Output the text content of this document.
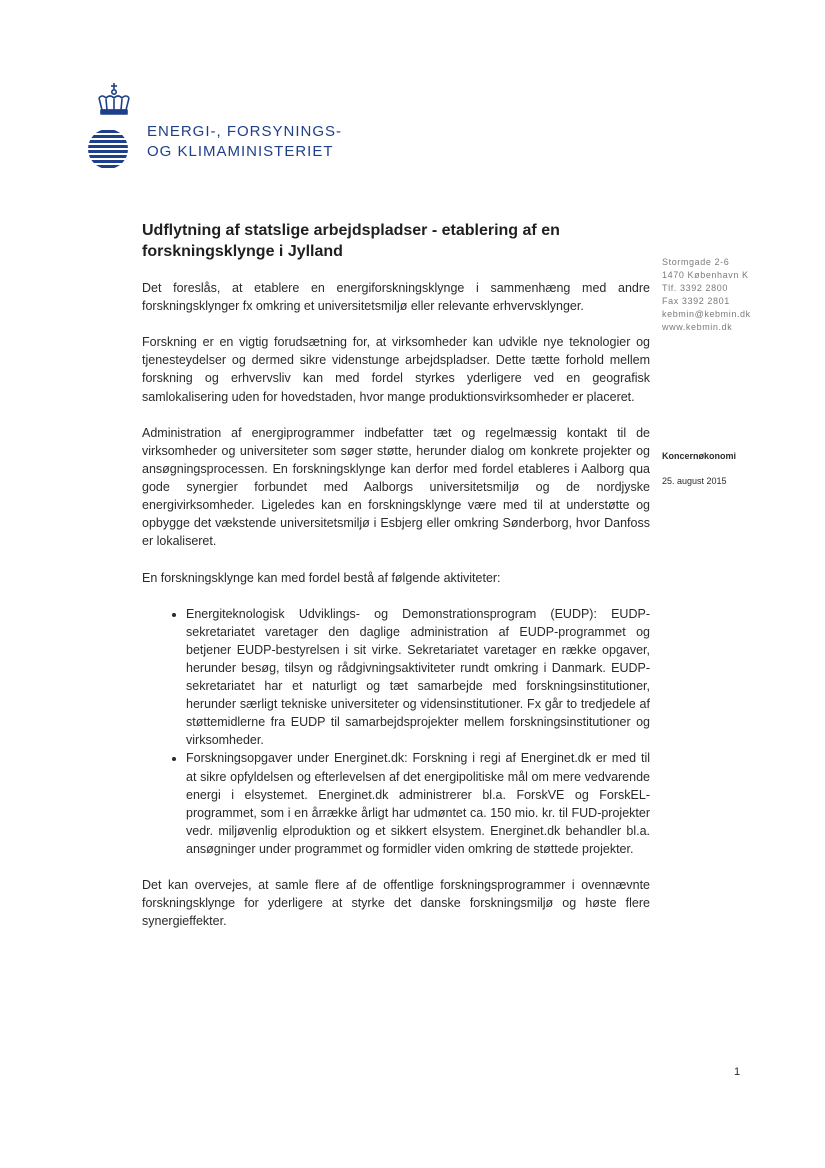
ENERGI-, FORSYNINGS-
OG KLIMAMINISTERIET
Udflytning af statslige arbejdspladser - etablering af en
forskningsklynge i Jylland
Stormgade 2-6
1470 København K
Tlf. 3392 2800
Fax 3392 2801
kebmin@kebmin.dk
www.kebmin.dk
Koncernøkonomi
25. august 2015

Det foreslås, at etablere en energiforskningsklynge i sammenhæng med andre forskningsklynger fx omkring et universitetsmiljø eller relevante erhvervsklynger.

Forskning er en vigtig forudsætning for, at virksomheder kan udvikle nye teknologier og tjenesteydelser og dermed sikre videnstunge arbejdspladser. Dette tætte forhold mellem forskning og erhvervsliv kan med fordel styrkes yderligere ved en geografisk samlokalisering uden for hovedstaden, hvor mange produktionsvirksomheder er placeret.

Administration af energiprogrammer indbefatter tæt og regelmæssig kontakt til de virksomheder og universiteter som søger støtte, herunder dialog om konkrete projekter og ansøgningsprocessen. En forskningsklynge kan derfor med fordel etableres i Aalborg qua gode synergier forbundet med Aalborgs universitetsmiljø og de nordjyske energivirksomheder. Ligeledes kan en forskningsklynge være med til at understøtte og opbygge det vækstende universitetsmiljø i Esbjerg eller omkring Sønderborg, hvor Danfoss er lokaliseret.

En forskningsklynge kan med fordel bestå af følgende aktiviteter:

• Energiteknologisk Udviklings- og Demonstrationsprogram (EUDP): EUDP-sekretariatet varetager den daglige administration af EUDP-programmet og betjener EUDP-bestyrelsen i sit virke. Sekretariatet varetager en række opgaver, herunder besøg, tilsyn og rådgivningsaktiviteter rundt omkring i Danmark. EUDP-sekretariatet har et naturligt og tæt samarbejde med forskningsinstitutioner, herunder særligt tekniske universiteter og vidensinstitutioner. Fx går to tredjedele af støttemidlerne fra EUDP til samarbejdsprojekter mellem forskningsinstitutioner og virksomheder.
• Forskningsopgaver under Energinet.dk: Forskning i regi af Energinet.dk er med til at sikre opfyldelsen og efterlevelsen af det energipolitiske mål om mere vedvarende energi i elsystemet. Energinet.dk administrerer bl.a. ForskVE og ForskEL-programmet, som i en årrække årligt har udmøntet ca. 150 mio. kr. til FUD-projekter vedr. miljøvenlig elproduktion og et sikkert elsystem. Energinet.dk behandler bl.a. ansøgninger under programmet og formidler viden omkring de støttede projekter.

Det kan overvejes, at samle flere af de offentlige forskningsprogrammer i ovennævnte forskningsklynge for yderligere at styrke det danske forskningsmiljø og høste flere synergieffekter.

1
